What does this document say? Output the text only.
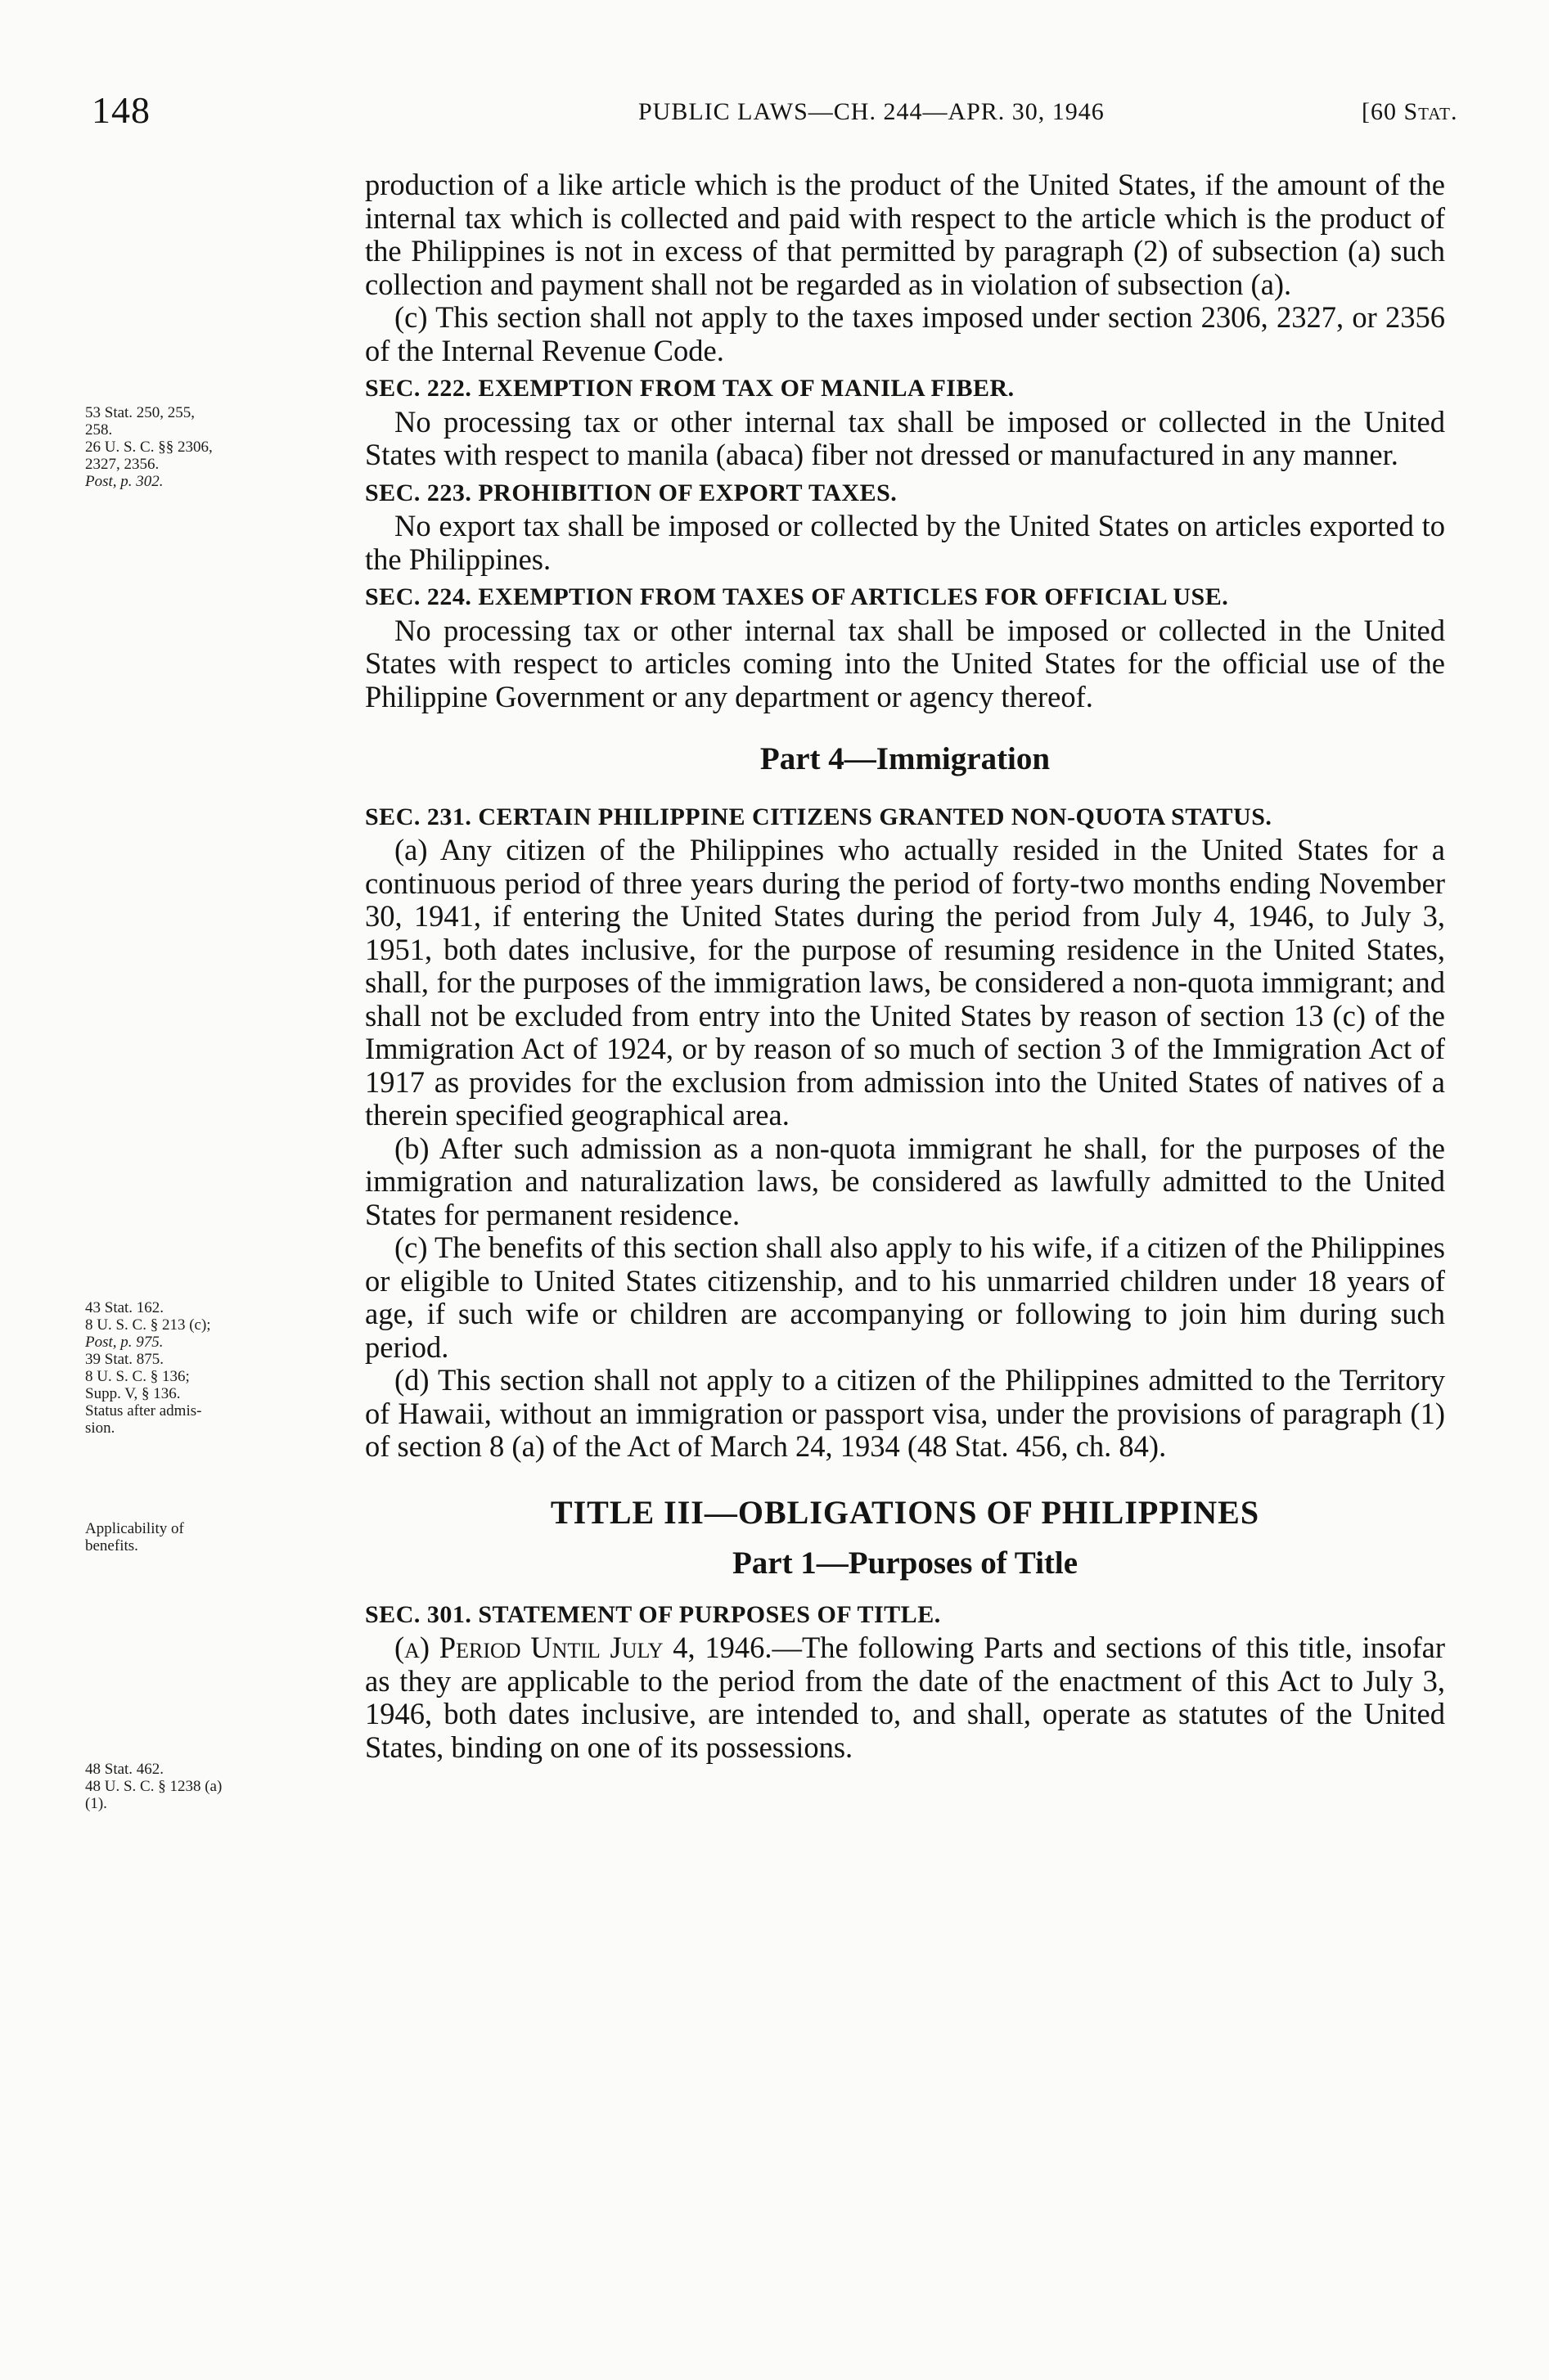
148	PUBLIC LAWS—CH. 244—APR. 30, 1946	[60 Stat.
53 Stat. 250, 255,
258.
26 U. S. C. §§ 2306,
2327, 2356.
Post, p. 302.
43 Stat. 162.
8 U. S. C. § 213 (c);
Post, p. 975.
39 Stat. 875.
8 U. S. C. § 136;
Supp. V, § 136.
Status after admis-
sion.
Applicability of
benefits.
48 Stat. 462.
48 U. S. C. § 1238 (a)
(1).

production of a like article which is the product of the United States, if the amount of the internal tax which is collected and paid with respect to the article which is the product of the Philippines is not in excess of that permitted by paragraph (2) of subsection (a) such collection and payment shall not be regarded as in violation of subsection (a).

(c) This section shall not apply to the taxes imposed under section 2306, 2327, or 2356 of the Internal Revenue Code.

SEC. 222. EXEMPTION FROM TAX OF MANILA FIBER.

No processing tax or other internal tax shall be imposed or collected in the United States with respect to manila (abaca) fiber not dressed or manufactured in any manner.

SEC. 223. PROHIBITION OF EXPORT TAXES.

No export tax shall be imposed or collected by the United States on articles exported to the Philippines.

SEC. 224. EXEMPTION FROM TAXES OF ARTICLES FOR OFFICIAL USE.

No processing tax or other internal tax shall be imposed or collected in the United States with respect to articles coming into the United States for the official use of the Philippine Government or any department or agency thereof.

Part 4—Immigration

SEC. 231. CERTAIN PHILIPPINE CITIZENS GRANTED NON-QUOTA STATUS.

(a) Any citizen of the Philippines who actually resided in the United States for a continuous period of three years during the period of forty-two months ending November 30, 1941, if entering the United States during the period from July 4, 1946, to July 3, 1951, both dates inclusive, for the purpose of resuming residence in the United States, shall, for the purposes of the immigration laws, be considered a non-quota immigrant; and shall not be excluded from entry into the United States by reason of section 13 (c) of the Immigration Act of 1924, or by reason of so much of section 3 of the Immigration Act of 1917 as provides for the exclusion from admission into the United States of natives of a therein specified geographical area.

(b) After such admission as a non-quota immigrant he shall, for the purposes of the immigration and naturalization laws, be considered as lawfully admitted to the United States for permanent residence.

(c) The benefits of this section shall also apply to his wife, if a citizen of the Philippines or eligible to United States citizenship, and to his unmarried children under 18 years of age, if such wife or children are accompanying or following to join him during such period.

(d) This section shall not apply to a citizen of the Philippines admitted to the Territory of Hawaii, without an immigration or passport visa, under the provisions of paragraph (1) of section 8 (a) of the Act of March 24, 1934 (48 Stat. 456, ch. 84).

TITLE III—OBLIGATIONS OF PHILIPPINES

Part 1—Purposes of Title

SEC. 301. STATEMENT OF PURPOSES OF TITLE.

(a) Period Until July 4, 1946.—The following Parts and sections of this title, insofar as they are applicable to the period from the date of the enactment of this Act to July 3, 1946, both dates inclusive, are intended to, and shall, operate as statutes of the United States, binding on one of its possessions.
